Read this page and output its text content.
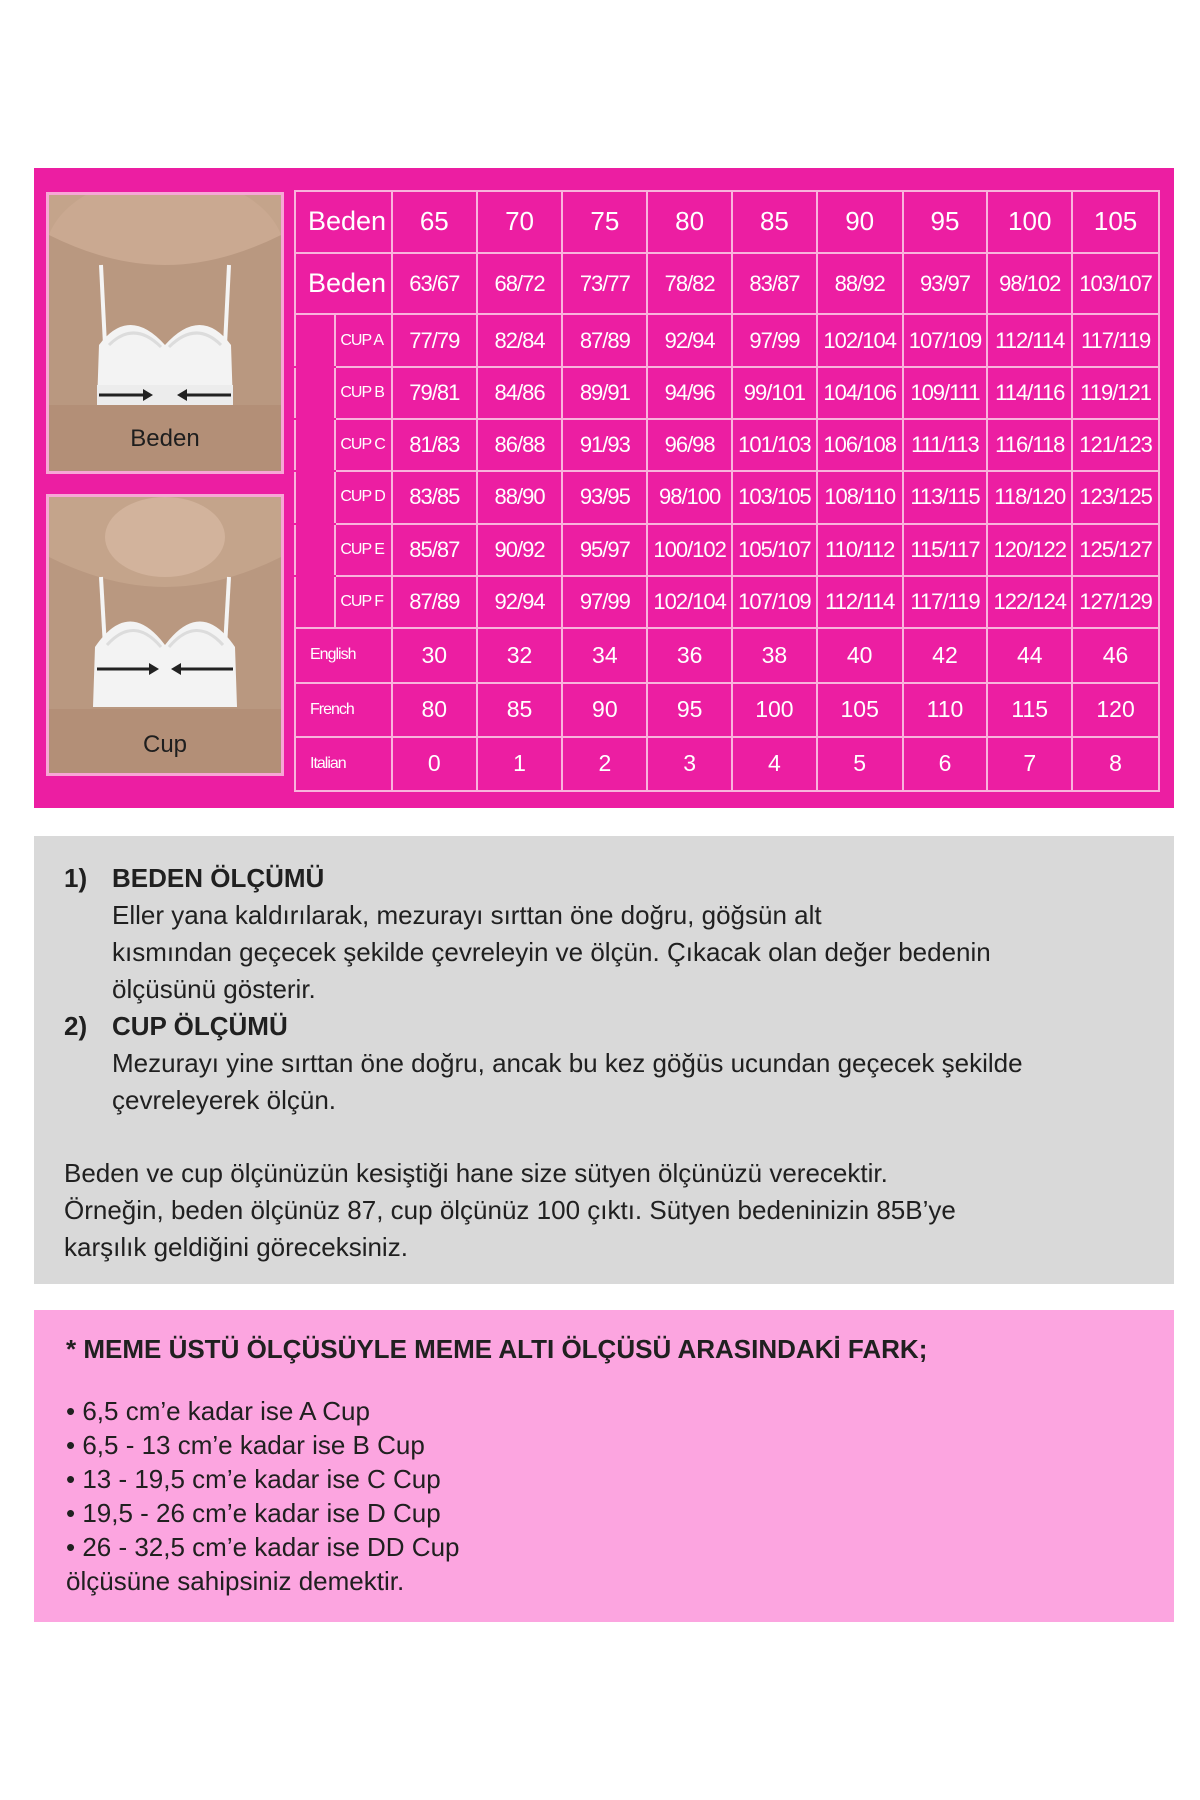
Beden
Cup
Beden		65	70	75	80	85	90	95	100	105
Beden		63/67	68/72	73/77	78/82	83/87	88/92	93/97	98/102	103/107
	CUP A	77/79	82/84	87/89	92/94	97/99	102/104	107/109	112/114	117/119
	CUP B	79/81	84/86	89/91	94/96	99/101	104/106	109/111	114/116	119/121
	CUP C	81/83	86/88	91/93	96/98	101/103	106/108	111/113	116/118	121/123
	CUP D	83/85	88/90	93/95	98/100	103/105	108/110	113/115	118/120	123/125
	CUP E	85/87	90/92	95/97	100/102	105/107	110/112	115/117	120/122	125/127
	CUP F	87/89	92/94	97/99	102/104	107/109	112/114	117/119	122/124	127/129
English		30	32	34	36	38	40	42	44	46
French		80	85	90	95	100	105	110	115	120
Italian		0	1	2	3	4	5	6	7	8
1) BEDEN ÖLÇÜMÜ
Eller yana kaldırılarak, mezurayı sırttan öne doğru, göğsün alt
kısmından geçecek şekilde çevreleyin ve ölçün. Çıkacak olan değer bedenin
ölçüsünü gösterir.
2) CUP ÖLÇÜMÜ
Mezurayı yine sırttan öne doğru, ancak bu kez göğüs ucundan geçecek şekilde
çevreleyerek ölçün.
Beden ve cup ölçünüzün kesiştiği hane size sütyen ölçünüzü verecektir.
Örneğin, beden ölçünüz 87, cup ölçünüz 100 çıktı. Sütyen bedeninizin 85B’ye
karşılık geldiğini göreceksiniz.
* MEME ÜSTÜ ÖLÇÜSÜYLE MEME ALTI ÖLÇÜSÜ ARASINDAKİ FARK;
• 6,5 cm’e kadar ise A Cup
• 6,5 - 13 cm’e kadar ise B Cup
• 13 - 19,5 cm’e kadar ise C Cup
• 19,5 - 26 cm’e kadar ise D Cup
• 26 - 32,5 cm’e kadar ise DD Cup
ölçüsüne sahipsiniz demektir.
